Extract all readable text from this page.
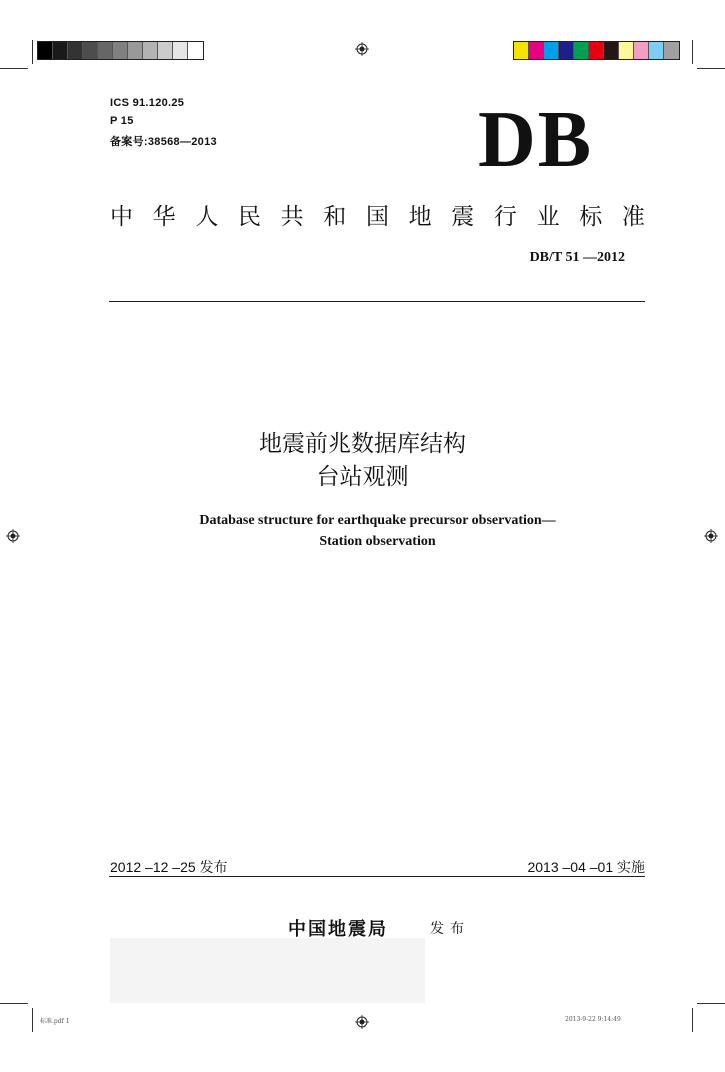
ICS 91.120.25
P 15
备案号:38568—2013	DB
中 华 人 民 共 和 国 地 震 行 业 标 准
DB/T 51 —2012
地震前兆数据库结构
台站观测
Database structure for earthquake precursor observation—
Station observation
2012 –12 –25 发布	2013 –04 –01 实施
中国地震局	发布
标准.pdf 1	2013-9-22 9:14:49
